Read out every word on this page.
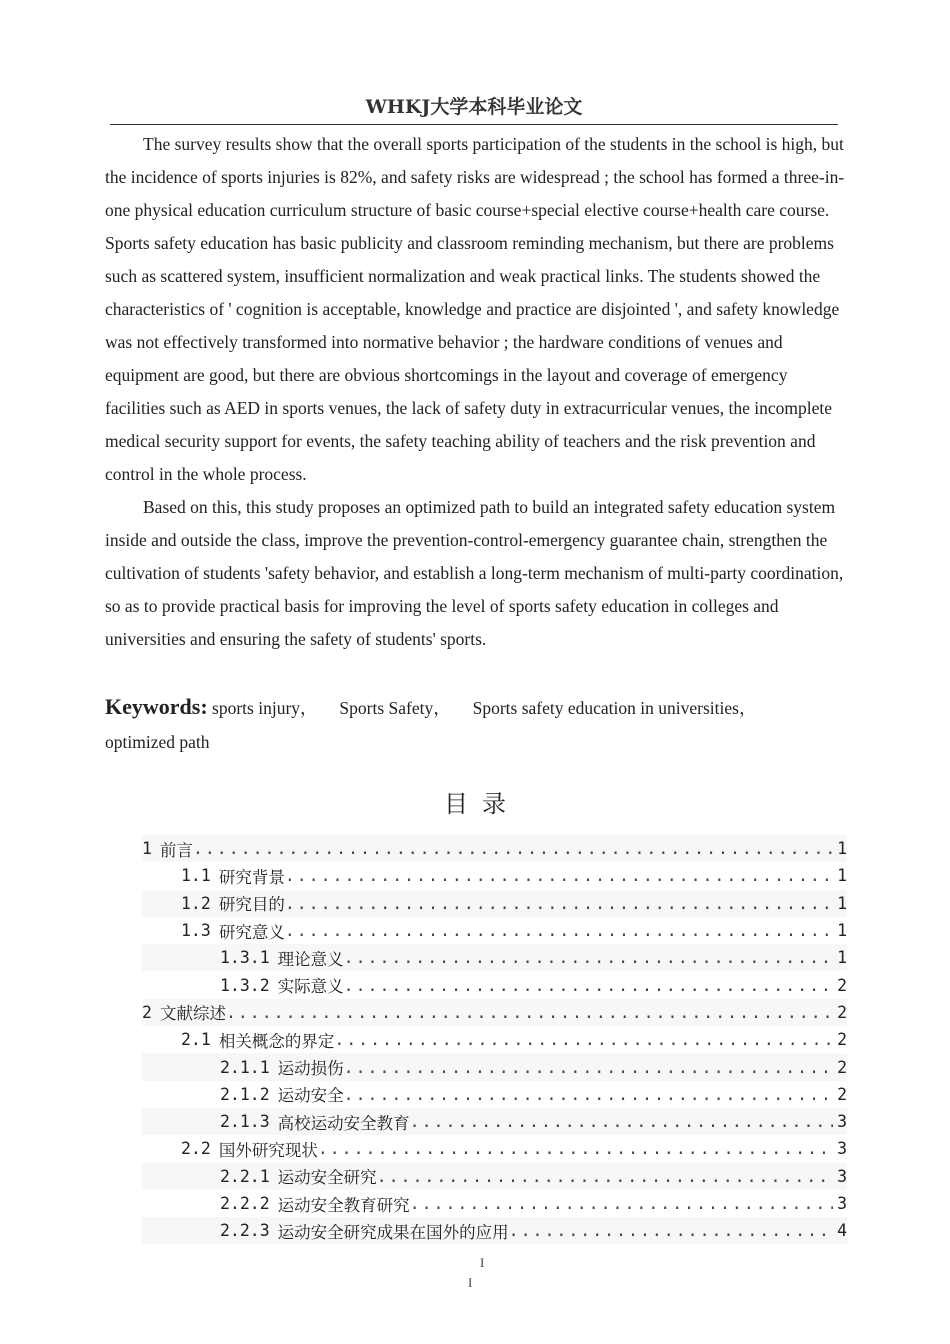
WHKJ大学本科毕业论文

The survey results show that the overall sports participation of the students in the school is high, but the incidence of sports injuries is 82%, and safety risks are widespread ; the school has formed a three-in-one physical education curriculum structure of basic course+special elective course+health care course. Sports safety education has basic publicity and classroom reminding mechanism, but there are problems such as scattered system, insufficient normalization and weak practical links. The students showed the characteristics of ' cognition is acceptable, knowledge and practice are disjointed ', and safety knowledge was not effectively transformed into normative behavior ; the hardware conditions of venues and equipment are good, but there are obvious shortcomings in the layout and coverage of emergency facilities such as AED in sports venues, the lack of safety duty in extracurricular venues, the incomplete medical security support for events, the safety teaching ability of teachers and the risk prevention and control in the whole process.

Based on this, this study proposes an optimized path to build an integrated safety education system inside and outside the class, improve the prevention-control-emergency guarantee chain, strengthen the cultivation of students 'safety behavior, and establish a long-term mechanism of multi-party coordination, so as to provide practical basis for improving the level of sports safety education in colleges and universities and ensuring the safety of students' sports.

Keywords: sports injury， Sports Safety， Sports safety education in universities，
optimized path
目录
1 前言 .....	1
1.1 研究背景 .....	1
1.2 研究目的 .....	1
1.3 研究意义 .....	1
1.3.1 理论意义 .....	1
1.3.2 实际意义 .....	2
2 文献综述 .....	2
2.1 相关概念的界定 .....	2
2.1.1 运动损伤 .....	2
2.1.2 运动安全 .....	2
2.1.3 高校运动安全教育 .....	3
2.2 国外研究现状 .....	3
2.2.1 运动安全研究 .....	3
2.2.2 运动安全教育研究 .....	3
2.2.3 运动安全研究成果在国外的应用 .....	4
I
I
